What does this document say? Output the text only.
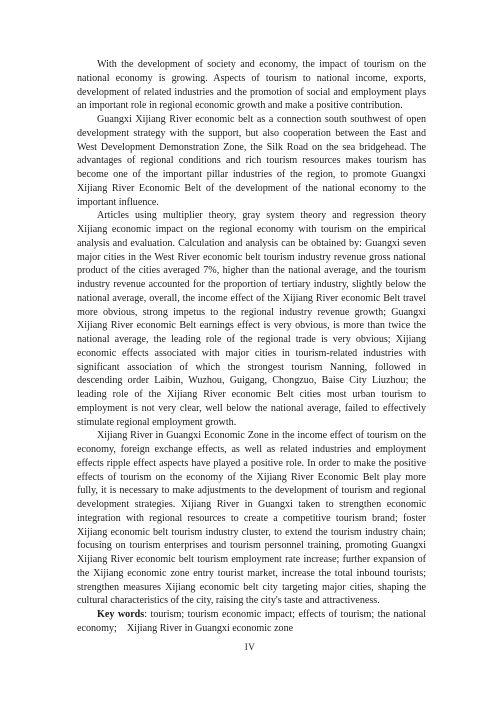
With the development of society and economy, the impact of tourism on the national economy is growing. Aspects of tourism to national income, exports, development of related industries and the promotion of social and employment plays an important role in regional economic growth and make a positive contribution.

Guangxi Xijiang River economic belt as a connection south southwest of open development strategy with the support, but also cooperation between the East and West Development Demonstration Zone, the Silk Road on the sea bridgehead. The advantages of regional conditions and rich tourism resources makes tourism has become one of the important pillar industries of the region, to promote Guangxi Xijiang River Economic Belt of the development of the national economy to the important influence.

Articles using multiplier theory, gray system theory and regression theory Xijiang economic impact on the regional economy with tourism on the empirical analysis and evaluation. Calculation and analysis can be obtained by: Guangxi seven major cities in the West River economic belt tourism industry revenue gross national product of the cities averaged 7%, higher than the national average, and the tourism industry revenue accounted for the proportion of tertiary industry, slightly below the national average, overall, the income effect of the Xijiang River economic Belt travel more obvious, strong impetus to the regional industry revenue growth; Guangxi Xijiang River economic Belt earnings effect is very obvious, is more than twice the national average, the leading role of the regional trade is very obvious; Xijiang economic effects associated with major cities in tourism-related industries with significant association of which the strongest tourism Nanning, followed in descending order Laibin, Wuzhou, Guigang, Chongzuo, Baise City Liuzhou; the leading role of the Xijiang River economic Belt cities most urban tourism to employment is not very clear, well below the national average, failed to effectively stimulate regional employment growth.

Xijiang River in Guangxi Economic Zone in the income effect of tourism on the economy, foreign exchange effects, as well as related industries and employment effects ripple effect aspects have played a positive role. In order to make the positive effects of tourism on the economy of the Xijiang River Economic Belt play more fully, it is necessary to make adjustments to the development of tourism and regional development strategies. Xijiang River in Guangxi taken to strengthen economic integration with regional resources to create a competitive tourism brand; foster Xijiang economic belt tourism industry cluster, to extend the tourism industry chain; focusing on tourism enterprises and tourism personnel training, promoting Guangxi Xijiang River economic belt tourism employment rate increase; further expansion of the Xijiang economic zone entry tourist market, increase the total inbound tourists; strengthen measures Xijiang economic belt city targeting major cities, shaping the cultural characteristics of the city, raising the city's taste and attractiveness.

Key words: tourism; tourism economic impact; effects of tourism; the national economy;    Xijiang River in Guangxi economic zone

IV
